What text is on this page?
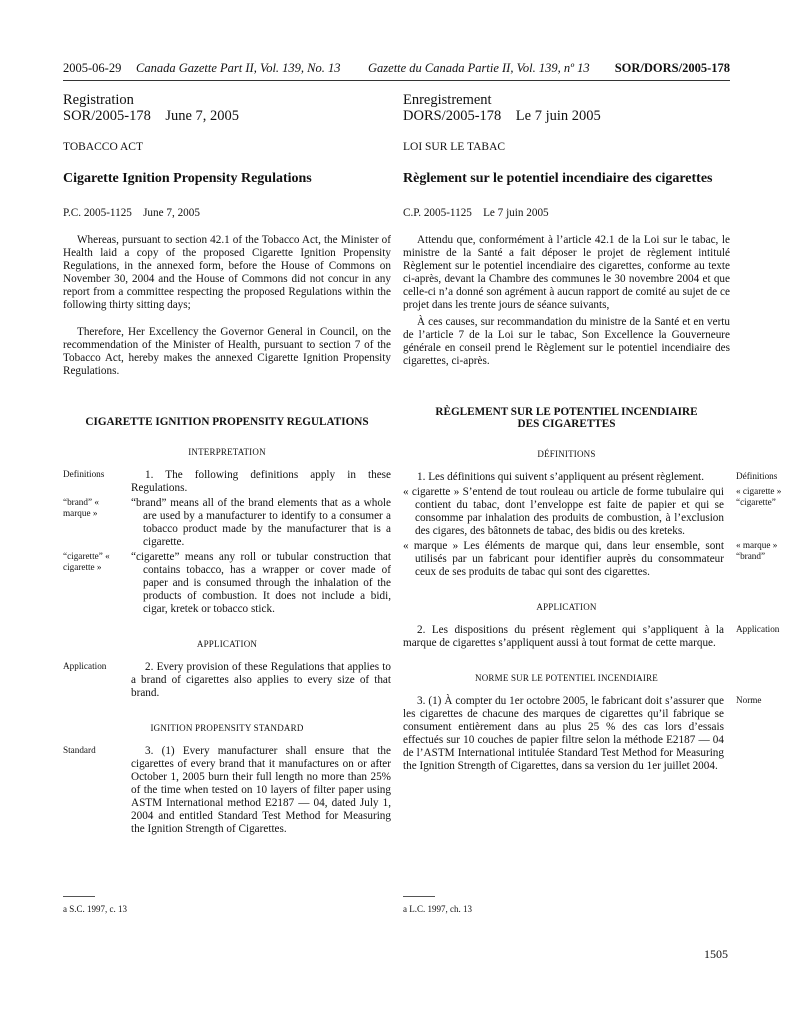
2005-06-29 Canada Gazette Part II, Vol. 139, No. 13 Gazette du Canada Partie II, Vol. 139, nº 13 SOR/DORS/2005-178

Registration

SOR/2005-178    June 7, 2005

TOBACCO ACT

Cigarette Ignition Propensity Regulations

P.C. 2005-1125    June 7, 2005

Whereas, pursuant to section 42.1 of the Tobacco Act, the Minister of Health laid a copy of the proposed Cigarette Ignition Propensity Regulations, in the annexed form, before the House of Commons on November 30, 2004 and the House of Commons did not concur in any report from a committee respecting the proposed Regulations within the following thirty sitting days;

Therefore, Her Excellency the Governor General in Council, on the recommendation of the Minister of Health, pursuant to section 7 of the Tobacco Act, hereby makes the annexed Cigarette Ignition Propensity Regulations.

CIGARETTE IGNITION PROPENSITY REGULATIONS

INTERPRETATION

Definitions	1. The following definitions apply in these Regulations.

“brand” « marque »

“brand” means all of the brand elements that as a whole are used by a manufacturer to identify to a consumer a tobacco product made by the manufacturer that is a cigarette.

“cigarette” « cigarette »

“cigarette” means any roll or tubular construction that contains tobacco, has a wrapper or cover made of paper and is consumed through the inhalation of the products of combustion. It does not include a bidi, cigar, kretek or tobacco stick.

APPLICATION

Application	2. Every provision of these Regulations that applies to a brand of cigarettes also applies to every size of that brand.

IGNITION PROPENSITY STANDARD

Standard	3. (1) Every manufacturer shall ensure that the cigarettes of every brand that it manufactures on or after October 1, 2005 burn their full length no more than 25% of the time when tested on 10 layers of filter paper using ASTM International method E2187 — 04, dated July 1, 2004 and entitled Standard Test Method for Measuring the Ignition Strength of Cigarettes.

Enregistrement

DORS/2005-178    Le 7 juin 2005

LOI SUR LE TABAC

Règlement sur le potentiel incendiaire des cigarettes

C.P. 2005-1125    Le 7 juin 2005

Attendu que, conformément à l’article 42.1 de la Loi sur le tabac, le ministre de la Santé a fait déposer le projet de règlement intitulé Règlement sur le potentiel incendiaire des cigarettes, conforme au texte ci-après, devant la Chambre des communes le 30 novembre 2004 et que celle-ci n’a donné son agrément à aucun rapport de comité au sujet de ce projet dans les trente jours de séance suivants,

À ces causes, sur recommandation du ministre de la Santé et en vertu de l’article 7 de la Loi sur le tabac, Son Excellence la Gouverneure générale en conseil prend le Règlement sur le potentiel incendiaire des cigarettes, ci-après.

RÈGLEMENT SUR LE POTENTIEL INCENDIAIRE DES CIGARETTES

DÉFINITIONS

Définitions

1. Les définitions qui suivent s’appliquent au présent règlement.

« cigarette » “cigarette”

« cigarette » S’entend de tout rouleau ou article de forme tubulaire qui contient du tabac, dont l’enveloppe est faite de papier et qui se consomme par inhalation des produits de combustion, à l’exclusion des cigares, des bâtonnets de tabac, des bidis ou des kreteks.

« marque » “brand”

« marque » Les éléments de marque qui, dans leur ensemble, sont utilisés par un fabricant pour identifier auprès du consommateur ceux de ses produits de tabac qui sont des cigarettes.

APPLICATION

Application

2. Les dispositions du présent règlement qui s’appliquent à la marque de cigarettes s’appliquent aussi à tout format de cette marque.

NORME SUR LE POTENTIEL INCENDIAIRE

Norme

3. (1) À compter du 1er octobre 2005, le fabricant doit s’assurer que les cigarettes de chacune des marques de cigarettes qu’il fabrique se consument entièrement dans au plus 25 % des cas lors d’essais effectués sur 10 couches de papier filtre selon la méthode E2187 — 04 de l’ASTM International intitulée Standard Test Method for Measuring the Ignition Strength of Cigarettes, dans sa version du 1er juillet 2004.

a S.C. 1997, c. 13	a L.C. 1997, ch. 13
1505
